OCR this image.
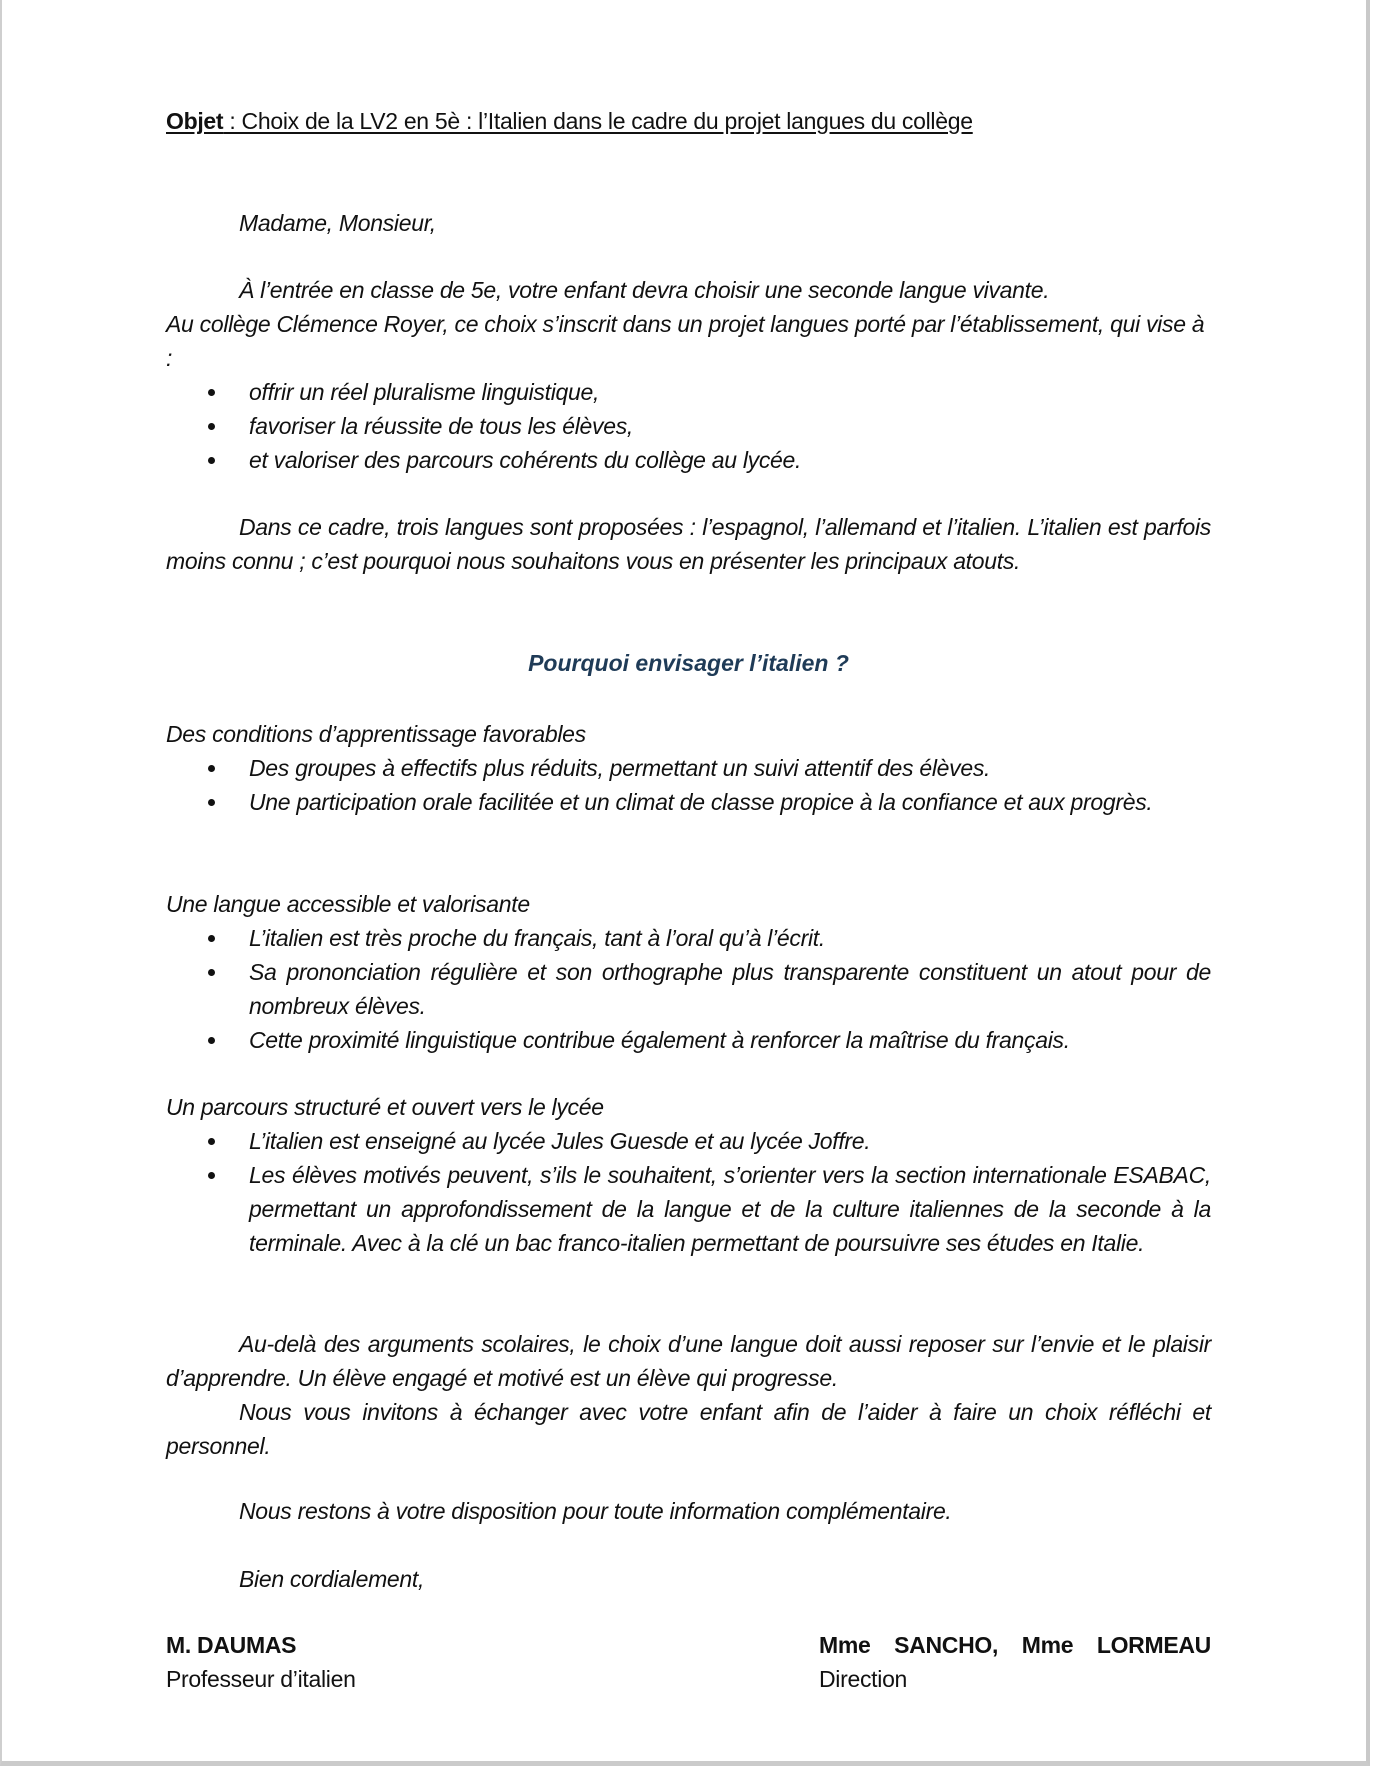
Objet : Choix de la LV2 en 5è : l’Italien dans le cadre du projet langues du collège

Madame, Monsieur,

À l’entrée en classe de 5e, votre enfant devra choisir une seconde langue vivante.

Au collège Clémence Royer, ce choix s’inscrit dans un projet langues porté par l’établissement, qui vise à :

offrir un réel pluralisme linguistique,
favoriser la réussite de tous les élèves,
et valoriser des parcours cohérents du collège au lycée.

Dans ce cadre, trois langues sont proposées : l’espagnol, l’allemand et l’italien. L’italien est parfois moins connu ; c’est pourquoi nous souhaitons vous en présenter les principaux atouts.

Pourquoi envisager l’italien ?

Des conditions d’apprentissage favorables

Des groupes à effectifs plus réduits, permettant un suivi attentif des élèves.
Une participation orale facilitée et un climat de classe propice à la confiance et aux progrès.

Une langue accessible et valorisante

L’italien est très proche du français, tant à l’oral qu’à l’écrit.
Sa prononciation régulière et son orthographe plus transparente constituent un atout pour de nombreux élèves.
Cette proximité linguistique contribue également à renforcer la maîtrise du français.

Un parcours structuré et ouvert vers le lycée

L’italien est enseigné au lycée Jules Guesde et au lycée Joffre.
Les élèves motivés peuvent, s’ils le souhaitent, s’orienter vers la section internationale ESABAC, permettant un approfondissement de la langue et de la culture italiennes de la seconde à la terminale. Avec à la clé un bac franco-italien permettant de poursuivre ses études en Italie.

Au-delà des arguments scolaires, le choix d’une langue doit aussi reposer sur l’envie et le plaisir d’apprendre. Un élève engagé et motivé est un élève qui progresse.

Nous vous invitons à échanger avec votre enfant afin de l’aider à faire un choix réfléchi et personnel.

Nous restons à votre disposition pour toute information complémentaire.

Bien cordialement,

M. DAUMAS
Professeur d’italien
Mme SANCHO, Mme LORMEAU
Direction
